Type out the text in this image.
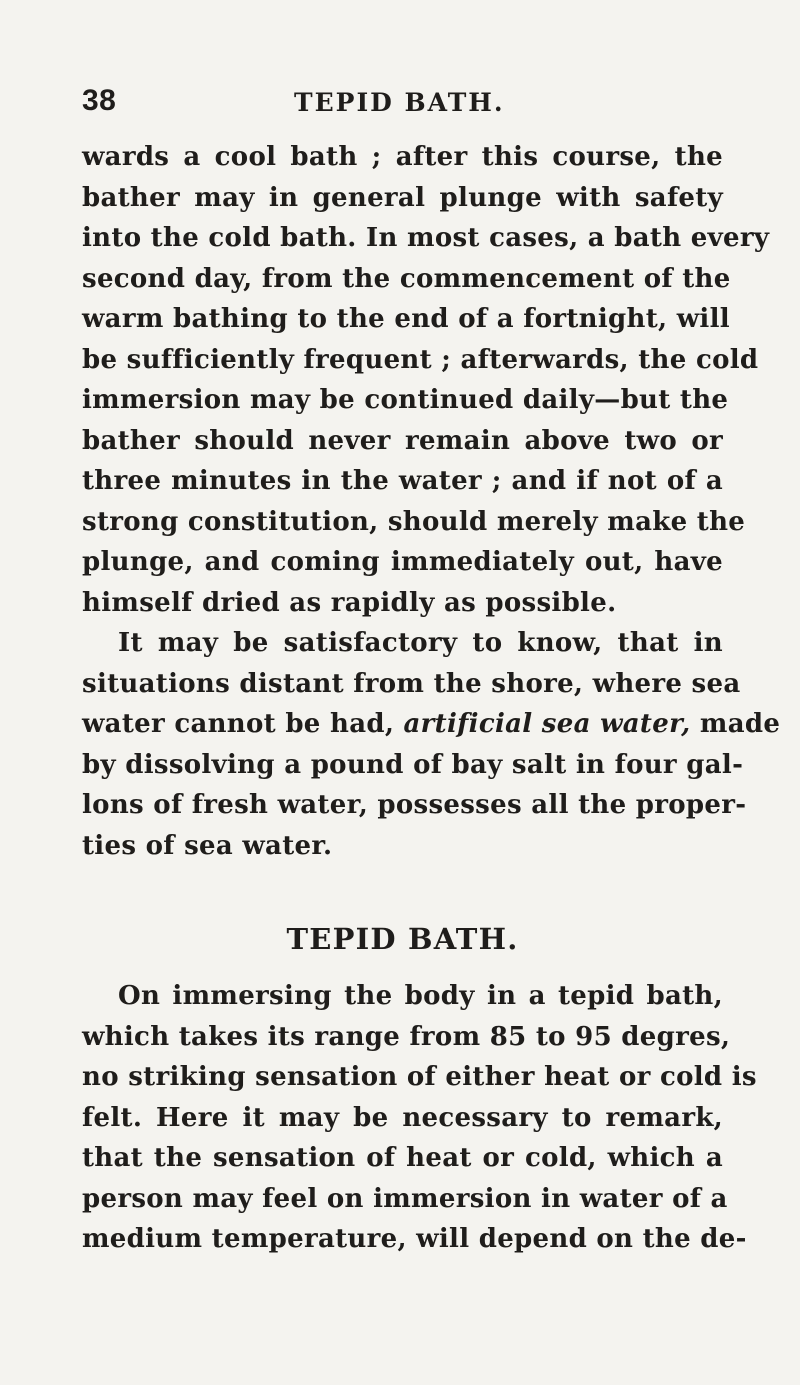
38	TEPID BATH.
wards a cool bath ; after this course, the
bather may in general plunge with safety
into the cold bath. In most cases, a bath every
second day, from the commencement of the
warm bathing to the end of a fortnight, will
be sufficiently frequent ; afterwards, the cold
immersion may be continued daily—but the
bather should never remain above two or
three minutes in the water ; and if not of a
strong constitution, should merely make the
plunge, and coming immediately out, have
himself dried as rapidly as possible.
It may be satisfactory to know, that in
situations distant from the shore, where sea
water cannot be had, artificial sea water, made
by dissolving a pound of bay salt in four gal-
lons of fresh water, possesses all the proper-
ties of sea water.
TEPID BATH.
On immersing the body in a tepid bath,
which takes its range from 85 to 95 degres,
no striking sensation of either heat or cold is
felt. Here it may be necessary to remark,
that the sensation of heat or cold, which a
person may feel on immersion in water of a
medium temperature, will depend on the de-
